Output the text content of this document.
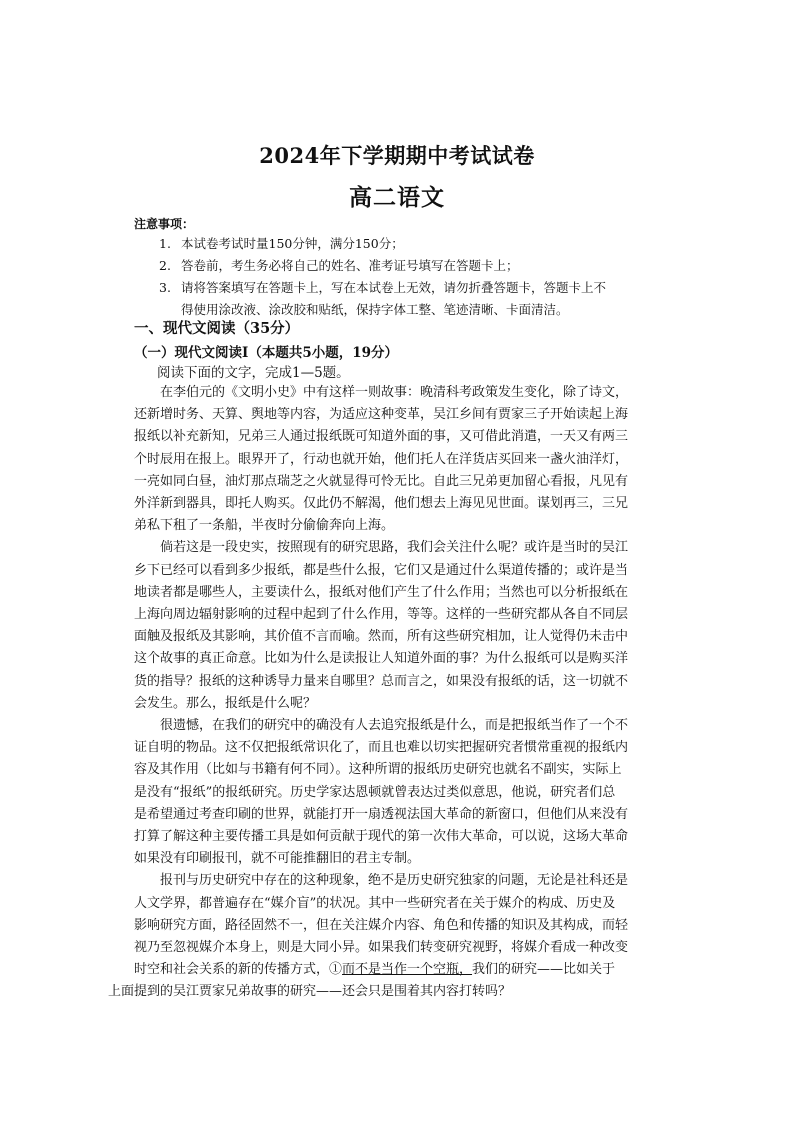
2024年下学期期中考试试卷
高二语文
注意事项：
1. 本试卷考试时量150分钟，满分150分；
2. 答卷前，考生务必将自己的姓名、准考证号填写在答题卡上；
3. 请将答案填写在答题卡上，写在本试卷上无效，请勿折叠答题卡，答题卡上不
得使用涂改液、涂改胶和贴纸，保持字体工整、笔迹清晰、卡面清洁。
一、现代文阅读（35分）
（一）现代文阅读Ⅰ（本题共5小题，19分）
阅读下面的文字，完成1—5题。

在李伯元的《文明小史》中有这样一则故事：晚清科考政策发生变化，除了诗文，
还新增时务、天算、舆地等内容，为适应这种变革，吴江乡间有贾家三子开始读起上海
报纸以补充新知，兄弟三人通过报纸既可知道外面的事，又可借此消遣，一天又有两三
个时辰用在报上。眼界开了，行动也就开始，他们托人在洋货店买回来一盏火油洋灯，
一亮如同白昼，油灯那点瑞芝之火就显得可怜无比。自此三兄弟更加留心看报，凡见有
外洋新到器具，即托人购买。仅此仍不解渴，他们想去上海见见世面。谋划再三，三兄
弟私下租了一条船，半夜时分偷偷奔向上海。

倘若这是一段史实，按照现有的研究思路，我们会关注什么呢？或许是当时的吴江
乡下已经可以看到多少报纸，都是些什么报，它们又是通过什么渠道传播的；或许是当
地读者都是哪些人，主要读什么，报纸对他们产生了什么作用；当然也可以分析报纸在
上海向周边辐射影响的过程中起到了什么作用，等等。这样的一些研究都从各自不同层
面触及报纸及其影响，其价值不言而喻。然而，所有这些研究相加，让人觉得仍未击中
这个故事的真正命意。比如为什么是读报让人知道外面的事？为什么报纸可以是购买洋
货的指导？报纸的这种诱导力量来自哪里？总而言之，如果没有报纸的话，这一切就不
会发生。那么，报纸是什么呢？

很遗憾，在我们的研究中的确没有人去追究报纸是什么，而是把报纸当作了一个不
证自明的物品。这不仅把报纸常识化了，而且也难以切实把握研究者惯常重视的报纸内
容及其作用（比如与书籍有何不同）。这种所谓的报纸历史研究也就名不副实，实际上
是没有“报纸”的报纸研究。历史学家达恩顿就曾表达过类似意思，他说，研究者们总
是希望通过考查印刷的世界，就能打开一扇透视法国大革命的新窗口，但他们从来没有
打算了解这种主要传播工具是如何贡献于现代的第一次伟大革命，可以说，这场大革命
如果没有印刷报刊，就不可能推翻旧的君主专制。

报刊与历史研究中存在的这种现象，绝不是历史研究独家的问题，无论是社科还是
人文学界，都普遍存在“媒介盲”的状况。其中一些研究者在关于媒介的构成、历史及
影响研究方面，路径固然不一，但在关注媒介内容、角色和传播的知识及其构成，而轻
视乃至忽视媒介本身上，则是大同小异。如果我们转变研究视野，将媒介看成一种改变
时空和社会关系的新的传播方式，①而不是当作一个空瓶，我们的研究——比如关于
上面提到的吴江贾家兄弟故事的研究——还会只是围着其内容打转吗？
